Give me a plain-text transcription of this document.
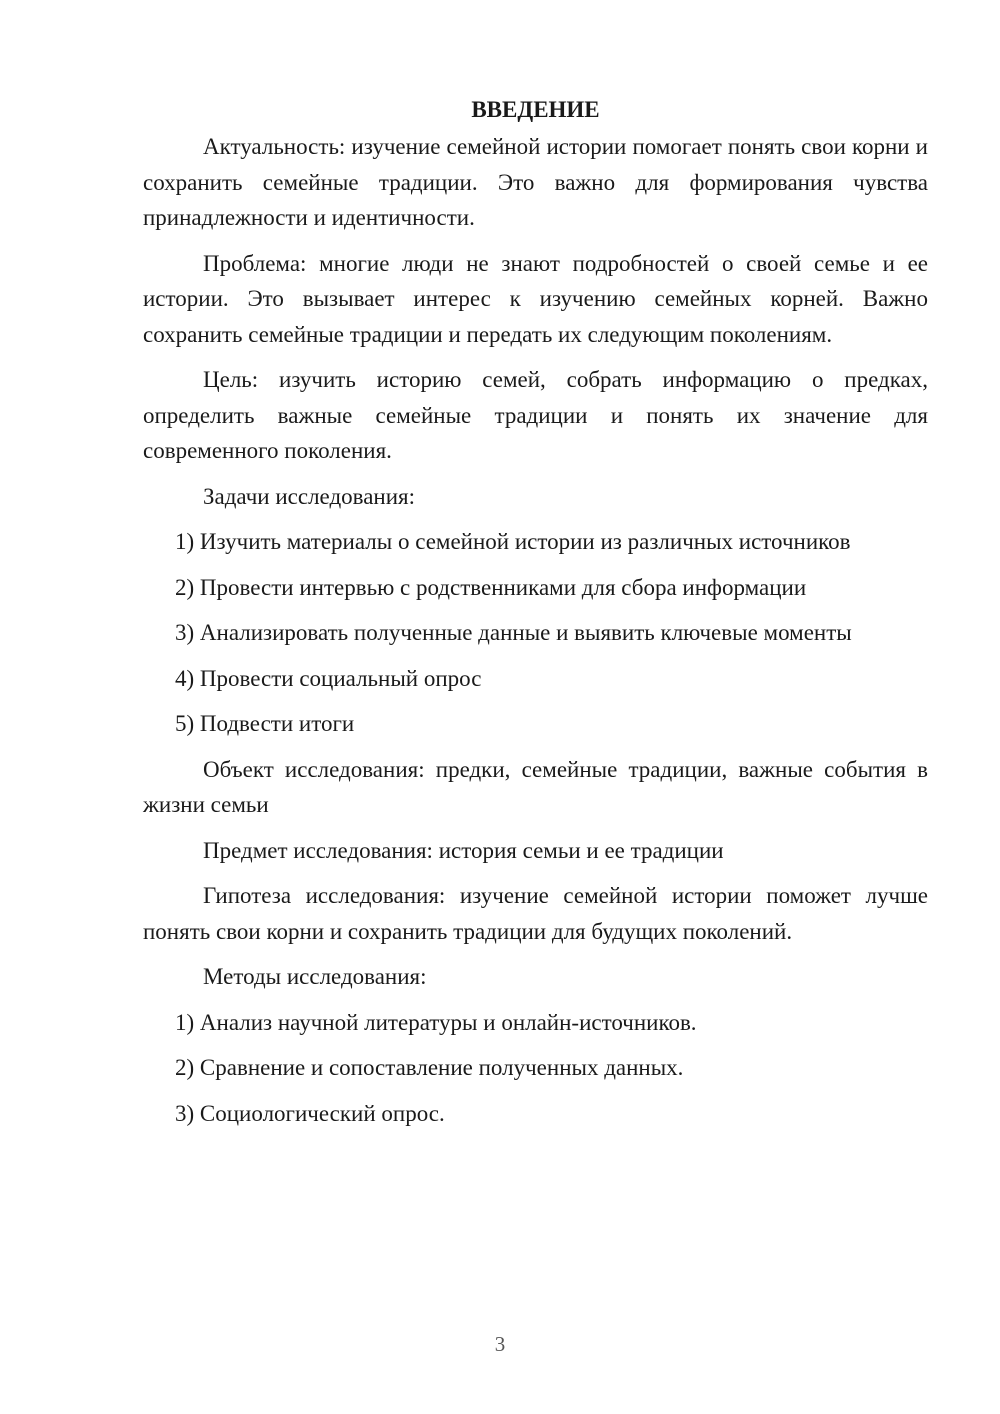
ВВЕДЕНИЕ

Актуальность: изучение семейной истории помогает понять свои корни и сохранить семейные традиции. Это важно для формирования чувства принадлежности и идентичности.

Проблема: многие люди не знают подробностей о своей семье и ее истории. Это вызывает интерес к изучению семейных корней. Важно сохранить семейные традиции и передать их следующим поколениям.

Цель: изучить историю семей, собрать информацию о предках, определить важные семейные традиции и понять их значение для современного поколения.

Задачи исследования:

1) Изучить материалы о семейной истории из различных источников
2) Провести интервью с родственниками для сбора информации
3) Анализировать полученные данные и выявить ключевые моменты
4) Провести социальный опрос
5) Подвести итоги

Объект исследования: предки, семейные традиции, важные события в жизни семьи

Предмет исследования: история семьи и ее традиции

Гипотеза исследования: изучение семейной истории поможет лучше понять свои корни и сохранить традиции для будущих поколений.

Методы исследования:

1) Анализ научной литературы и онлайн-источников.
2) Сравнение и сопоставление полученных данных.
3) Социологический опрос.
3
